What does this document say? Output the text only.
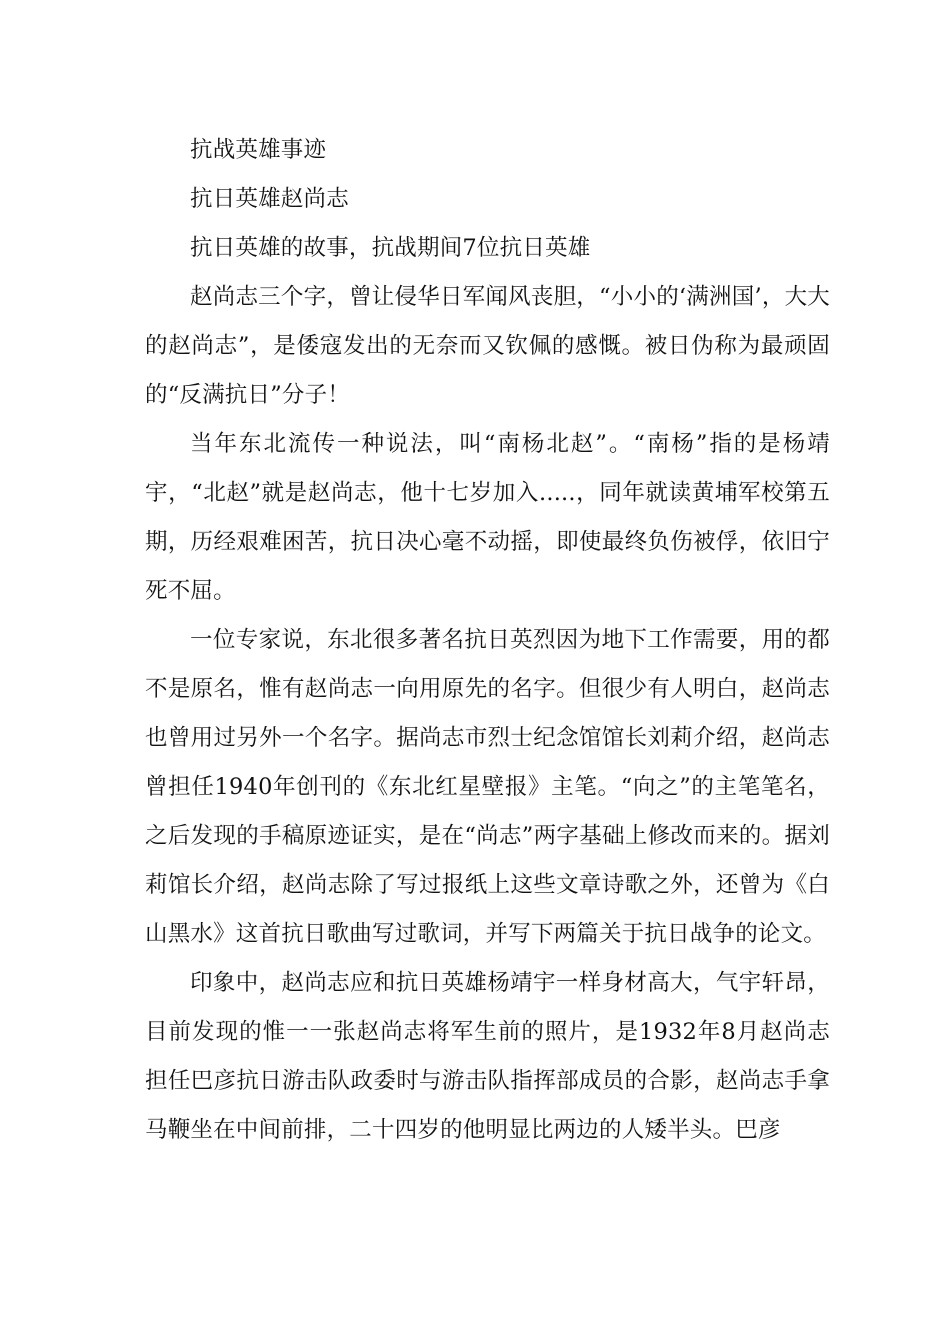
抗战英雄事迹

抗日英雄赵尚志

抗日英雄的故事，抗战期间7位抗日英雄

赵尚志三个字，曾让侵华日军闻风丧胆，“小小的‘满洲国’，大大的赵尚志”，是倭寇发出的无奈而又钦佩的感慨。被日伪称为最顽固的“反满抗日”分子！

当年东北流传一种说法，叫“南杨北赵”。“南杨”指的是杨靖宇，“北赵”就是赵尚志，他十七岁加入.....，同年就读黄埔军校第五期，历经艰难困苦，抗日决心毫不动摇，即使最终负伤被俘，依旧宁死不屈。

一位专家说，东北很多著名抗日英烈因为地下工作需要，用的都不是原名，惟有赵尚志一向用原先的名字。但很少有人明白，赵尚志也曾用过另外一个名字。据尚志市烈士纪念馆馆长刘莉介绍，赵尚志曾担任1940年创刊的《东北红星壁报》主笔。“向之”的主笔笔名，之后发现的手稿原迹证实，是在“尚志”两字基础上修改而来的。据刘莉馆长介绍，赵尚志除了写过报纸上这些文章诗歌之外，还曾为《白山黑水》这首抗日歌曲写过歌词，并写下两篇关于抗日战争的论文。

印象中，赵尚志应和抗日英雄杨靖宇一样身材高大，气宇轩昂，目前发现的惟一一张赵尚志将军生前的照片，是1932年8月赵尚志担任巴彦抗日游击队政委时与游击队指挥部成员的合影，赵尚志手拿马鞭坐在中间前排，二十四岁的他明显比两边的人矮半头。巴彦
